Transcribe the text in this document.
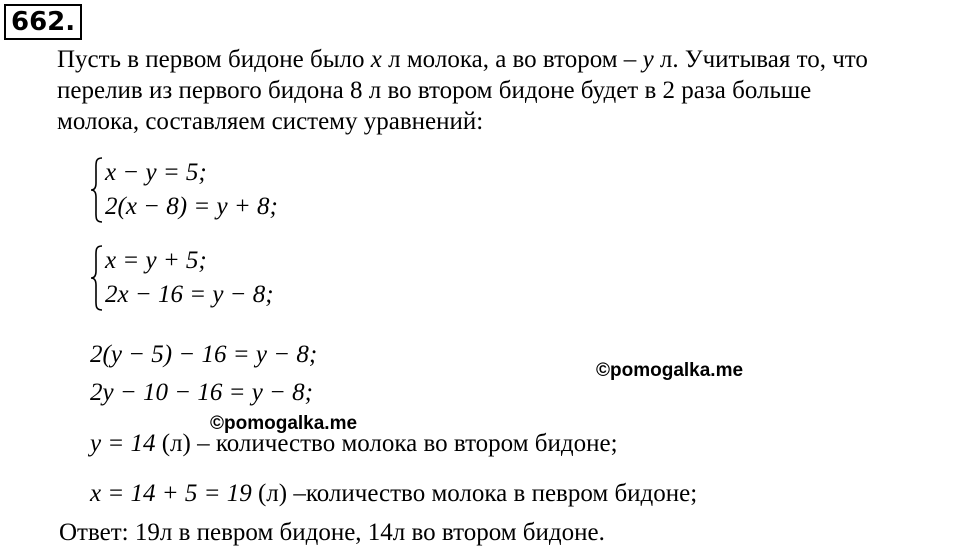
662.
Пусть в первом бидоне было x л молока, а во втором – y л. Учитывая то, что
перелив из первого бидона 8 л во втором бидоне будет в 2 раза больше
молока, составляем систему уравнений:
x − y = 5;
2(x − 8) = y + 8;
x = y + 5;
2x − 16 = y − 8;
2(y − 5) − 16 = y − 8;
2y − 10 − 16 = y − 8;
y = 14 (л) – количество молока во втором бидоне;
x = 14 + 5 = 19 (л) –количество молока в певром бидоне;
©pomogalka.me
©pomogalka.me
Ответ: 19л в певром бидоне, 14л во втором бидоне.
